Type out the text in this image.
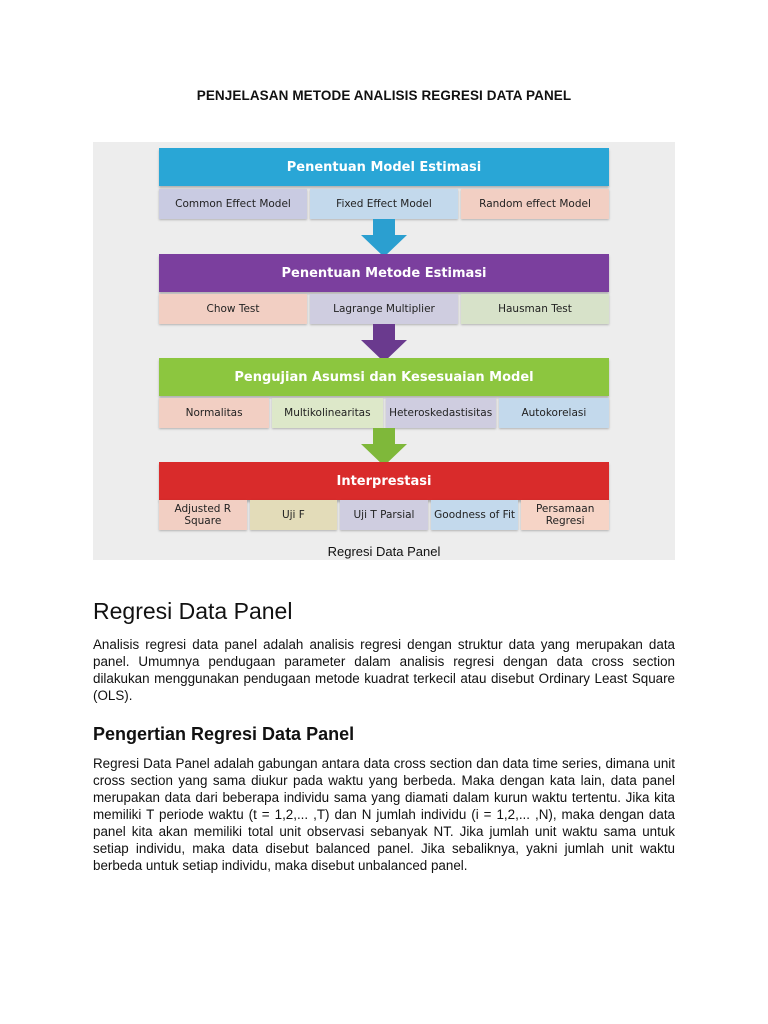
PENJELASAN METODE ANALISIS REGRESI DATA PANEL
Penentuan Model Estimasi
Common Effect Model	Fixed Effect Model	Random effect Model
Penentuan Metode Estimasi
Chow Test	Lagrange Multiplier	Hausman Test
Pengujian Asumsi dan Kesesuaian Model
Normalitas	Multikolinearitas	Heteroskedastisitas	Autokorelasi
Interprestasi
Adjusted R Square	Uji F	Uji T Parsial	Goodness of Fit	Persamaan Regresi
Regresi Data Panel
Regresi Data Panel

Analisis regresi data panel adalah analisis regresi dengan struktur data yang merupakan data panel. Umumnya pendugaan parameter dalam analisis regresi dengan data cross section dilakukan menggunakan pendugaan metode kuadrat terkecil atau disebut Ordinary Least Square (OLS).

Pengertian Regresi Data Panel

Regresi Data Panel adalah gabungan antara data cross section dan data time series, dimana unit cross section yang sama diukur pada waktu yang berbeda. Maka dengan kata lain, data panel merupakan data dari beberapa individu sama yang diamati dalam kurun waktu tertentu. Jika kita memiliki T periode waktu (t = 1,2,... ,T) dan N jumlah individu (i = 1,2,... ,N), maka dengan data panel kita akan memiliki total unit observasi sebanyak NT. Jika jumlah unit waktu sama untuk setiap individu, maka data disebut balanced panel. Jika sebaliknya, yakni jumlah unit waktu berbeda untuk setiap individu, maka disebut unbalanced panel.
